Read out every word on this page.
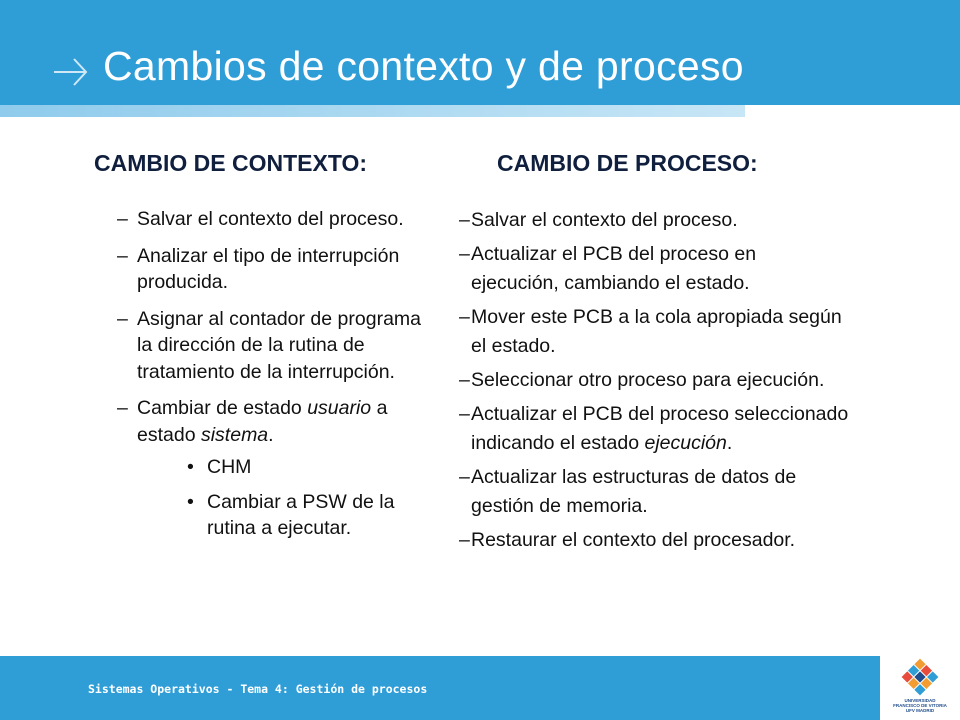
Cambios de contexto y de proceso
CAMBIO DE CONTEXTO:	CAMBIO DE PROCESO:
– Salvar el contexto del proceso.
– Analizar el tipo de interrupción producida.
– Asignar al contador de programa la dirección de la rutina de tratamiento de la interrupción.
– Cambiar de estado usuario a estado sistema.
• CHM
• Cambiar a PSW de la rutina a ejecutar.
– Salvar el contexto del proceso.
– Actualizar el PCB del proceso en ejecución, cambiando el estado.
– Mover este PCB a la cola apropiada según el estado.
– Seleccionar otro proceso para ejecución.
– Actualizar el PCB del proceso seleccionado indicando el estado ejecución.
– Actualizar las estructuras de datos de gestión de memoria.
– Restaurar el contexto del procesador.
Sistemas Operativos - Tema 4: Gestión de procesos
UNIVERSIDAD
FRANCISCO DE VITORIA
UFV MADRID
